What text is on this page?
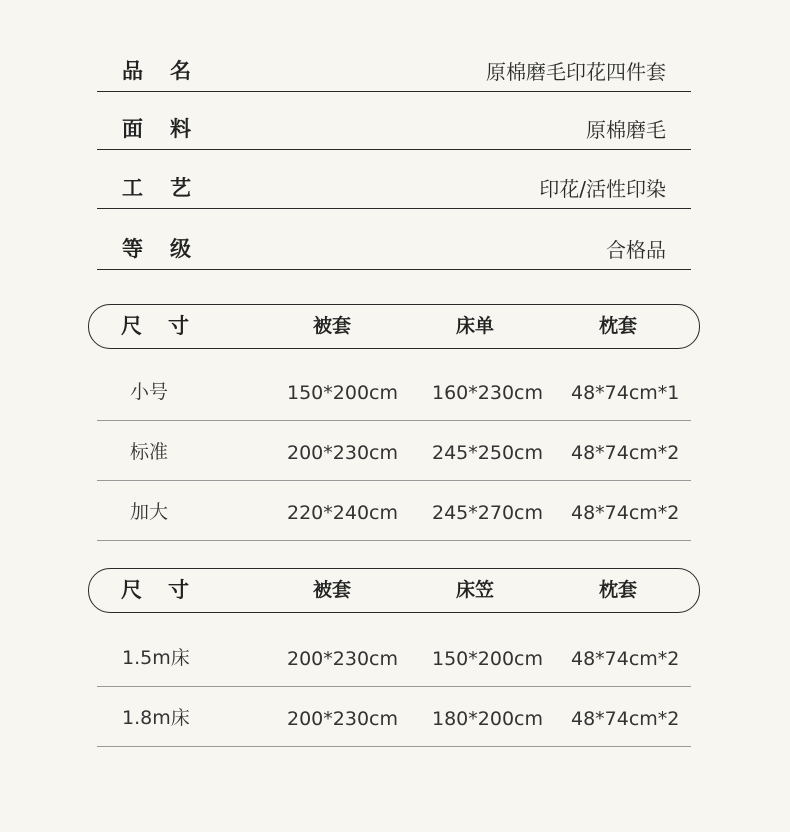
品 名	原棉磨毛印花四件套
面 料	原棉磨毛
工 艺	印花/活性印染
等 级	合格品
尺 寸	被套	床单	枕套
小号	150*200cm 160*230cm 48*74cm*1
标准	200*230cm 245*250cm 48*74cm*2
加大	220*240cm 245*270cm 48*74cm*2
尺 寸	被套	床笠	枕套
1.5m床	200*230cm 150*200cm 48*74cm*2
1.8m床	200*230cm 180*200cm 48*74cm*2
